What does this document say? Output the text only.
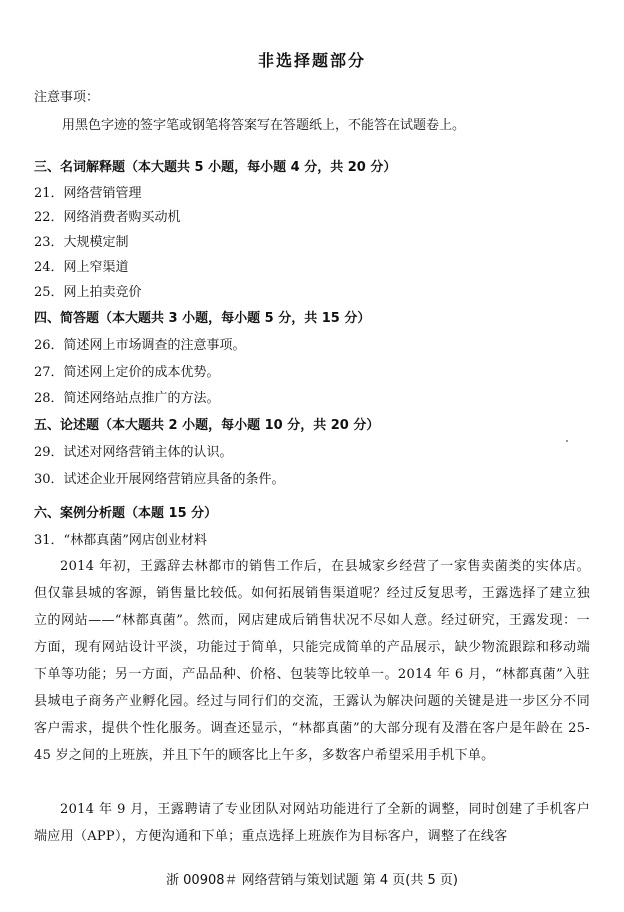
非选择题部分
注意事项：
用黑色字迹的签字笔或钢笔将答案写在答题纸上，不能答在试题卷上。
三、名词解释题（本大题共 5 小题，每小题 4 分，共 20 分）
21．网络营销管理
22．网络消费者购买动机
23．大规模定制
24．网上窄渠道
25．网上拍卖竞价
四、简答题（本大题共 3 小题，每小题 5 分，共 15 分）
26．简述网上市场调查的注意事项。
27．简述网上定价的成本优势。
28．简述网络站点推广的方法。
五、论述题（本大题共 2 小题，每小题 10 分，共 20 分）
29．试述对网络营销主体的认识。
30．试述企业开展网络营销应具备的条件。
六、案例分析题（本题 15 分）
31．“林都真菌”网店创业材料
2014 年初，王露辞去林都市的销售工作后，在县城家乡经营了一家售卖菌类的实体店。但仅靠县城的客源，销售量比较低。如何拓展销售渠道呢？经过反复思考，王露选择了建立独立的网站——“林都真菌”。然而，网店建成后销售状况不尽如人意。经过研究，王露发现：一方面，现有网站设计平淡，功能过于简单，只能完成简单的产品展示，缺少物流跟踪和移动端下单等功能；另一方面，产品品种、价格、包装等比较单一。2014 年 6 月，“林都真菌”入驻县城电子商务产业孵化园。经过与同行们的交流，王露认为解决问题的关键是进一步区分不同客户需求，提供个性化服务。调查还显示，“林都真菌”的大部分现有及潜在客户是年龄在 25-45 岁之间的上班族，并且下午的顾客比上午多，多数客户希望采用手机下单。
2014 年 9 月，王露聘请了专业团队对网站功能进行了全新的调整，同时创建了手机客户端应用（APP），方便沟通和下单；重点选择上班族作为目标客户，调整了在线客
浙 00908＃ 网络营销与策划试题 第 4 页(共 5 页)
